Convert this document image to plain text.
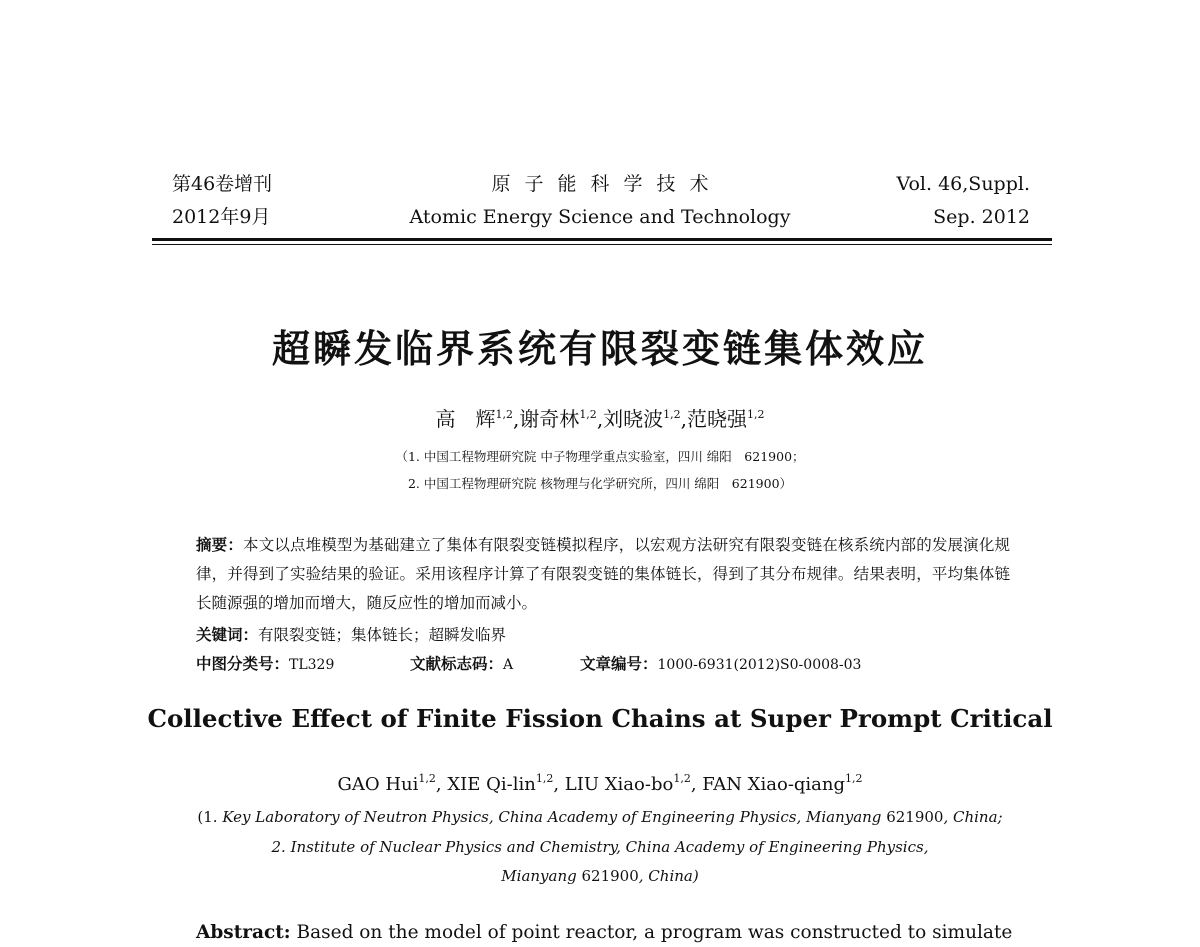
第46卷增刊
2012年9月
原子能科学技术
Atomic Energy Science and Technology
Vol. 46,Suppl.
Sep. 2012
超瞬发临界系统有限裂变链集体效应
高　辉$^{1,2}$,谢奇林$^{1,2}$,刘晓波$^{1,2}$,范晓强$^{1,2}$
（1. 中国工程物理研究院 中子物理学重点实验室，四川 绵阳　621900；
2. 中国工程物理研究院 核物理与化学研究所，四川 绵阳　621900）
摘要：本文以点堆模型为基础建立了集体有限裂变链模拟程序，以宏观方法研究有限裂变链在核系统内部的发展演化规律，并得到了实验结果的验证。采用该程序计算了有限裂变链的集体链长，得到了其分布规律。结果表明，平均集体链长随源强的增加而增大，随反应性的增加而减小。
关键词：有限裂变链；集体链长；超瞬发临界
中图分类号：TL329	文献标志码：A	文章编号：1000-6931(2012)S0-0008-03
Collective Effect of Finite Fission Chains at Super Prompt Critical
GAO Hui$^{1,2}$, XIE Qi-lin$^{1,2}$, LIU Xiao-bo$^{1,2}$, FAN Xiao-qiang$^{1,2}$
(1. Key Laboratory of Neutron Physics, China Academy of Engineering Physics, Mianyang 621900, China;
2. Institute of Nuclear Physics and Chemistry, China Academy of Engineering Physics,
Mianyang 621900, China)
Abstract: Based on the model of point reactor, a program was constructed to simulate
